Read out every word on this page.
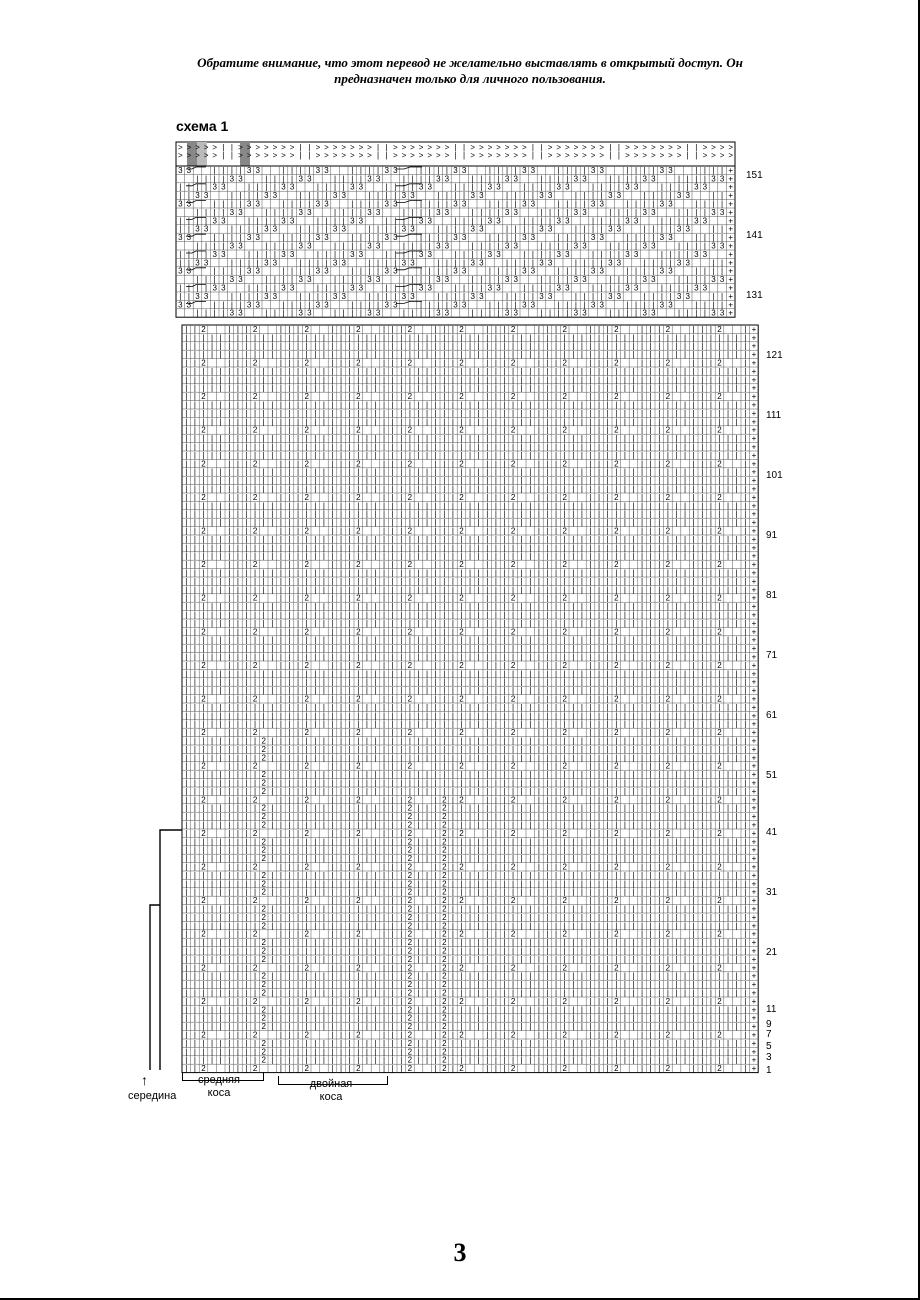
Обратите внимание, что этот перевод не желательно выставлять в открытый доступ. Он
предназначен только для личного пользования.
схема 1
> > > > > | | > > > > > > > | | > > > > > > > | | > > > > > > > | | > > > > > > > | | > > > > > > > | | > > > > > > > | | > > > >
> > > > > | | > > > > > > > | | > > > > > > > | | > > > > > > > | | > > > > > > > | | > > > > > > > | | > > > > > > > | | > > > >
3 3	| | | | 3 3	| | | | 3 3	| | | | 3 3	| | | | 3 3	| | | | 3 3	| | | | 3 3	| | | | 3 3	| | | | +
| | | | 3 3	| | | | 3 3	| | | | 3 3	| | | | 3 3	| | | | 3 3	| | | | 3 3	| | | | 3 3	| | | | 3 3 +
| | | | 3 3	| | | | 3 3	| | | | 3 3	| | | | 3 3	| | | | 3 3	| | | | 3 3	| | | | 3 3	| | | | 3 3	+
| | 3 3	| | | | 3 3	| | | | 3 3	| | | | 3 3	| | | | 3 3	| | | | 3 3	| | | | 3 3	| | | | 3 3	| | +
3 3	| | | | 3 3	| | | | 3 3	| | | | 3 3	| | | | 3 3	| | | | 3 3	| | | | 3 3	| | | | 3 3	| | | | +
| | | | 3 3	| | | | 3 3	| | | | 3 3	| | | | 3 3	| | | | 3 3	| | | | 3 3	| | | | 3 3	| | | | 3 3 +
| | | | 3 3	| | | | 3 3	| | | | 3 3	| | | | 3 3	| | | | 3 3	| | | | 3 3	| | | | 3 3	| | | | 3 3	+
| | 3 3	| | | | 3 3	| | | | 3 3	| | | | 3 3	| | | | 3 3	| | | | 3 3	| | | | 3 3	| | | | 3 3	| | +
3 3	| | | | 3 3	| | | | 3 3	| | | | 3 3	| | | | 3 3	| | | | 3 3	| | | | 3 3	| | | | 3 3	| | | | +
| | | | 3 3	| | | | 3 3	| | | | 3 3	| | | | 3 3	| | | | 3 3	| | | | 3 3	| | | | 3 3	| | | | 3 3 +
| | | | 3 3	| | | | 3 3	| | | | 3 3	| | | | 3 3	| | | | 3 3	| | | | 3 3	| | | | 3 3	| | | | 3 3	+
| | 3 3	| | | | 3 3	| | | | 3 3	| | | | 3 3	| | | | 3 3	| | | | 3 3	| | | | 3 3	| | | | 3 3	| | +
3 3	| | | | 3 3	| | | | 3 3	| | | | 3 3	| | | | 3 3	| | | | 3 3	| | | | 3 3	| | | | 3 3	| | | | +
| | | | 3 3	| | | | 3 3	| | | | 3 3	| | | | 3 3	| | | | 3 3	| | | | 3 3	| | | | 3 3	| | | | 3 3 +
| | | | 3 3	| | | | 3 3	| | | | 3 3	| | | | 3 3	| | | | 3 3	| | | | 3 3	| | | | 3 3	| | | | 3 3	+
| | 3 3	| | | | 3 3	| | | | 3 3	| | | | 3 3	| | | | 3 3	| | | | 3 3	| | | | 3 3	| | | | 3 3	| | +
3 3	| | | | 3 3	| | | | 3 3	| | | | 3 3	| | | | 3 3	| | | | 3 3	| | | | 3 3	| | | | 3 3	| | | | +
| | | | 3 3	| | | | 3 3	| | | | 3 3	| | | | 3 3	| | | | 3 3	| | | | 3 3	| | | | 3 3	| | | | 3 3 +
| | 2	| | | 2	| | | 2	| | | 2	| | | 2	| | | 2	| | | 2	| | | 2	| | | 2	| | | 2	| | | 2	| +
| | | | | | | | | | | | | | | | | | | | | | | | | | | | | | | | | | | | | | | | | | | | | | | | | | | | | | | | | | | | | | | | | | +
| | | | | | | | | | | | | | | | | | | | | | | | | | | | | | | | | | | | | | | | | | | | | | | | | | | | | | | | | | | | | | | | | | +
| | | | | | | | | | | | | | | | | | | | | | | | | | | | | | | | | | | | | | | | | | | | | | | | | | | | | | | | | | | | | | | | | | +
| | 2	| | | 2	| | | 2	| | | 2	| | | 2	| | | 2	| | | 2	| | | 2	| | | 2	| | | 2	| | | 2	| +
| | | | | | | | | | | | | | | | | | | | | | | | | | | | | | | | | | | | | | | | | | | | | | | | | | | | | | | | | | | | | | | | | | +
| | | | | | | | | | | | | | | | | | | | | | | | | | | | | | | | | | | | | | | | | | | | | | | | | | | | | | | | | | | | | | | | | | +
| | | | | | | | | | | | | | | | | | | | | | | | | | | | | | | | | | | | | | | | | | | | | | | | | | | | | | | | | | | | | | | | | | +
| | 2	| | | 2	| | | 2	| | | 2	| | | 2	| | | 2	| | | 2	| | | 2	| | | 2	| | | 2	| | | 2	| +
| | | | | | | | | | | | | | | | | | | | | | | | | | | | | | | | | | | | | | | | | | | | | | | | | | | | | | | | | | | | | | | | | | +
| | | | | | | | | | | | | | | | | | | | | | | | | | | | | | | | | | | | | | | | | | | | | | | | | | | | | | | | | | | | | | | | | | +
| | | | | | | | | | | | | | | | | | | | | | | | | | | | | | | | | | | | | | | | | | | | | | | | | | | | | | | | | | | | | | | | | | +
| | 2	| | | 2	| | | 2	| | | 2	| | | 2	| | | 2	| | | 2	| | | 2	| | | 2	| | | 2	| | | 2	| +
| | | | | | | | | | | | | | | | | | | | | | | | | | | | | | | | | | | | | | | | | | | | | | | | | | | | | | | | | | | | | | | | | | +
| | | | | | | | | | | | | | | | | | | | | | | | | | | | | | | | | | | | | | | | | | | | | | | | | | | | | | | | | | | | | | | | | | +
| | | | | | | | | | | | | | | | | | | | | | | | | | | | | | | | | | | | | | | | | | | | | | | | | | | | | | | | | | | | | | | | | | +
| | 2	| | | 2	| | | 2	| | | 2	| | | 2	| | | 2	| | | 2	| | | 2	| | | 2	| | | 2	| | | 2	| +
| | | | | | | | | | | | | | | | | | | | | | | | | | | | | | | | | | | | | | | | | | | | | | | | | | | | | | | | | | | | | | | | | | +
| | | | | | | | | | | | | | | | | | | | | | | | | | | | | | | | | | | | | | | | | | | | | | | | | | | | | | | | | | | | | | | | | | +
| | | | | | | | | | | | | | | | | | | | | | | | | | | | | | | | | | | | | | | | | | | | | | | | | | | | | | | | | | | | | | | | | | +
| | 2	| | | 2	| | | 2	| | | 2	| | | 2	| | | 2	| | | 2	| | | 2	| | | 2	| | | 2	| | | 2	| +
| | | | | | | | | | | | | | | | | | | | | | | | | | | | | | | | | | | | | | | | | | | | | | | | | | | | | | | | | | | | | | | | | | +
| | | | | | | | | | | | | | | | | | | | | | | | | | | | | | | | | | | | | | | | | | | | | | | | | | | | | | | | | | | | | | | | | | +
| | | | | | | | | | | | | | | | | | | | | | | | | | | | | | | | | | | | | | | | | | | | | | | | | | | | | | | | | | | | | | | | | | +
| | 2	| | | 2	| | | 2	| | | 2	| | | 2	| | | 2	| | | 2	| | | 2	| | | 2	| | | 2	| | | 2	| +
| | | | | | | | | | | | | | | | | | | | | | | | | | | | | | | | | | | | | | | | | | | | | | | | | | | | | | | | | | | | | | | | | | +
| | | | | | | | | | | | | | | | | | | | | | | | | | | | | | | | | | | | | | | | | | | | | | | | | | | | | | | | | | | | | | | | | | +
| | | | | | | | | | | | | | | | | | | | | | | | | | | | | | | | | | | | | | | | | | | | | | | | | | | | | | | | | | | | | | | | | | +
| | 2	| | | 2	| | | 2	| | | 2	| | | 2	| | | 2	| | | 2	| | | 2	| | | 2	| | | 2	| | | 2	| +
| | | | | | | | | | | | | | | | | | | | | | | | | | | | | | | | | | | | | | | | | | | | | | | | | | | | | | | | | | | | | | | | | | +
| | | | | | | | | | | | | | | | | | | | | | | | | | | | | | | | | | | | | | | | | | | | | | | | | | | | | | | | | | | | | | | | | | +
| | | | | | | | | | | | | | | | | | | | | | | | | | | | | | | | | | | | | | | | | | | | | | | | | | | | | | | | | | | | | | | | | | +
| | 2	| | | 2	| | | 2	| | | 2	| | | 2	| | | 2	| | | 2	| | | 2	| | | 2	| | | 2	| | | 2	| +
| | | | | | | | | | | | | | | | | | | | | | | | | | | | | | | | | | | | | | | | | | | | | | | | | | | | | | | | | | | | | | | | | | +
| | | | | | | | | | | | | | | | | | | | | | | | | | | | | | | | | | | | | | | | | | | | | | | | | | | | | | | | | | | | | | | | | | +
| | | | | | | | | | | | | | | | | | | | | | | | | | | | | | | | | | | | | | | | | | | | | | | | | | | | | | | | | | | | | | | | | | +
| | 2	| | | 2	| | | 2	| | | 2	| | | 2	| | | 2	| | | 2	| | | 2	| | | 2	| | | 2	| | | 2	| +
| | | | | | | | | | | | | | | | | | | | | | | | | | | | | | | | | | | | | | | | | | | | | | | | | | | | | | | | | | | | | | | | | | +
| | | | | | | | | | | | | | | | | | | | | | | | | | | | | | | | | | | | | | | | | | | | | | | | | | | | | | | | | | | | | | | | | | +
| | | | | | | | | | | | | | | | | | | | | | | | | | | | | | | | | | | | | | | | | | | | | | | | | | | | | | | | | | | | | | | | | | +
| | 2	| | | 2	| | | 2	| | | 2	| | | 2	| | | 2	| | | 2	| | | 2	| | | 2	| | | 2	| | | 2	| +
| | | | | | | | | | | | | | | | | | | | | | | | | | | | | | | | | | | | | | | | | | | | | | | | | | | | | | | | | | | | | | | | | | +
| | | | | | | | | | | | | | | | | | | | | | | | | | | | | | | | | | | | | | | | | | | | | | | | | | | | | | | | | | | | | | | | | | +
| | | | | | | | | | | | | | | | | | | | | | | | | | | | | | | | | | | | | | | | | | | | | | | | | | | | | | | | | | | | | | | | | | +
| | 2	| | | 2	| | | 2	| | | 2	| | | 2	| | | 2	| | | 2	| | | 2	| | | 2	| | | 2	| | | 2	| +
| | | | | | | | | | | | | | | | | | | | | | | | | | | | | | | | | | | | | | | | | | | | | | | | | | | | | | | | | | | | | | | | | | +
| | | | | | | | | | | | | | | | | | | | | | | | | | | | | | | | | | | | | | | | | | | | | | | | | | | | | | | | | | | | | | | | | | +
| | | | | | | | | | | | | | | | | | | | | | | | | | | | | | | | | | | | | | | | | | | | | | | | | | | | | | | | | | | | | | | | | | +
| | 2	| | | 2	| | | 2	| | | 2	| | | 2	| | | 2	| | | 2	| | | 2	| | | 2	| | | 2	| | | 2	| +
| | | | | | | | | 2 | | | | | | | | | | | | | | | | | | | | | | | | | | | | | | | | | | | | | | | | | | | | | | | | | | | | | | | | +
| | | | | | | | | 2 | | | | | | | | | | | | | | | | | | | | | | | | | | | | | | | | | | | | | | | | | | | | | | | | | | | | | | | | +
| | | | | | | | | 2 | | | | | | | | | | | | | | | | | | | | | | | | | | | | | | | | | | | | | | | | | | | | | | | | | | | | | | | | +
| | 2	| | | 2	| | | 2	| | | 2	| | | 2	| | | 2	| | | 2	| | | 2	| | | 2	| | | 2	| | | 2	| +
| | | | | | | | | 2 | | | | | | | | | | | | | | | | | | | | | | | | | | | | | | | | | | | | | | | | | | | | | | | | | | | | | | | | +
| | | | | | | | | 2 | | | | | | | | | | | | | | | | | | | | | | | | | | | | | | | | | | | | | | | | | | | | | | | | | | | | | | | | +
| | | | | | | | | 2 | | | | | | | | | | | | | | | | | | | | | | | | | | | | | | | | | | | | | | | | | | | | | | | | | | | | | | | | +
| | 2	| | | 2	| | | 2	| | | 2	| | | 2	| 2 | 2	| | | 2	| | | 2	| | | 2	| | | 2	| | | 2	| +
| | | | | | | | | 2 | | | | | | | | | | | | | | | | 2 | | | 2 | | | | | | | | | | | | | | | | | | | | | | | | | | | | | | | | | | | +
| | | | | | | | | 2 | | | | | | | | | | | | | | | | 2 | | | 2 | | | | | | | | | | | | | | | | | | | | | | | | | | | | | | | | | | | +
| | | | | | | | | 2 | | | | | | | | | | | | | | | | 2 | | | 2 | | | | | | | | | | | | | | | | | | | | | | | | | | | | | | | | | | | +
| | 2	| | | 2	| | | 2	| | | 2	| | | 2	| 2 | 2	| | | 2	| | | 2	| | | 2	| | | 2	| | | 2	| +
| | | | | | | | | 2 | | | | | | | | | | | | | | | | 2 | | | 2 | | | | | | | | | | | | | | | | | | | | | | | | | | | | | | | | | | | +
| | | | | | | | | 2 | | | | | | | | | | | | | | | | 2 | | | 2 | | | | | | | | | | | | | | | | | | | | | | | | | | | | | | | | | | | +
| | | | | | | | | 2 | | | | | | | | | | | | | | | | 2 | | | 2 | | | | | | | | | | | | | | | | | | | | | | | | | | | | | | | | | | | +
| | 2	| | | 2	| | | 2	| | | 2	| | | 2	| 2 | 2	| | | 2	| | | 2	| | | 2	| | | 2	| | | 2	| +
| | | | | | | | | 2 | | | | | | | | | | | | | | | | 2 | | | 2 | | | | | | | | | | | | | | | | | | | | | | | | | | | | | | | | | | | +
| | | | | | | | | 2 | | | | | | | | | | | | | | | | 2 | | | 2 | | | | | | | | | | | | | | | | | | | | | | | | | | | | | | | | | | | +
| | | | | | | | | 2 | | | | | | | | | | | | | | | | 2 | | | 2 | | | | | | | | | | | | | | | | | | | | | | | | | | | | | | | | | | | +
| | 2	| | | 2	| | | 2	| | | 2	| | | 2	| 2 | 2	| | | 2	| | | 2	| | | 2	| | | 2	| | | 2	| +
| | | | | | | | | 2 | | | | | | | | | | | | | | | | 2 | | | 2 | | | | | | | | | | | | | | | | | | | | | | | | | | | | | | | | | | | +
| | | | | | | | | 2 | | | | | | | | | | | | | | | | 2 | | | 2 | | | | | | | | | | | | | | | | | | | | | | | | | | | | | | | | | | | +
| | | | | | | | | 2 | | | | | | | | | | | | | | | | 2 | | | 2 | | | | | | | | | | | | | | | | | | | | | | | | | | | | | | | | | | | +
| | 2	| | | 2	| | | 2	| | | 2	| | | 2	| 2 | 2	| | | 2	| | | 2	| | | 2	| | | 2	| | | 2	| +
| | | | | | | | | 2 | | | | | | | | | | | | | | | | 2 | | | 2 | | | | | | | | | | | | | | | | | | | | | | | | | | | | | | | | | | | +
| | | | | | | | | 2 | | | | | | | | | | | | | | | | 2 | | | 2 | | | | | | | | | | | | | | | | | | | | | | | | | | | | | | | | | | | +
| | | | | | | | | 2 | | | | | | | | | | | | | | | | 2 | | | 2 | | | | | | | | | | | | | | | | | | | | | | | | | | | | | | | | | | | +
| | 2	| | | 2	| | | 2	| | | 2	| | | 2	| 2 | 2	| | | 2	| | | 2	| | | 2	| | | 2	| | | 2	| +
| | | | | | | | | 2 | | | | | | | | | | | | | | | | 2 | | | 2 | | | | | | | | | | | | | | | | | | | | | | | | | | | | | | | | | | | +
| | | | | | | | | 2 | | | | | | | | | | | | | | | | 2 | | | 2 | | | | | | | | | | | | | | | | | | | | | | | | | | | | | | | | | | | +
| | | | | | | | | 2 | | | | | | | | | | | | | | | | 2 | | | 2 | | | | | | | | | | | | | | | | | | | | | | | | | | | | | | | | | | | +
| | 2	| | | 2	| | | 2	| | | 2	| | | 2	| 2 | 2	| | | 2	| | | 2	| | | 2	| | | 2	| | | 2	| +
| | | | | | | | | 2 | | | | | | | | | | | | | | | | 2 | | | 2 | | | | | | | | | | | | | | | | | | | | | | | | | | | | | | | | | | | +
| | | | | | | | | 2 | | | | | | | | | | | | | | | | 2 | | | 2 | | | | | | | | | | | | | | | | | | | | | | | | | | | | | | | | | | | +
| | | | | | | | | 2 | | | | | | | | | | | | | | | | 2 | | | 2 | | | | | | | | | | | | | | | | | | | | | | | | | | | | | | | | | | | +
| | 2	| | | 2	| | | 2	| | | 2	| | | 2	| 2 | 2	| | | 2	| | | 2	| | | 2	| | | 2	| | | 2	| +
| | | | | | | | | 2 | | | | | | | | | | | | | | | | 2 | | | 2 | | | | | | | | | | | | | | | | | | | | | | | | | | | | | | | | | | | +
| | | | | | | | | 2 | | | | | | | | | | | | | | | | 2 | | | 2 | | | | | | | | | | | | | | | | | | | | | | | | | | | | | | | | | | | +
| | | | | | | | | 2 | | | | | | | | | | | | | | | | 2 | | | 2 | | | | | | | | | | | | | | | | | | | | | | | | | | | | | | | | | | | +
| | 2	| | | 2	| | | 2	| | | 2	| | | 2	| 2 | 2	| | | 2	| | | 2	| | | 2	| | | 2	| | | 2	| +
151
141
131
121
111
101
91
81
71
61
51
41
31
21
11
9
7
5
3
1
↑
середина
средняя
коса
двойная
коса
3
